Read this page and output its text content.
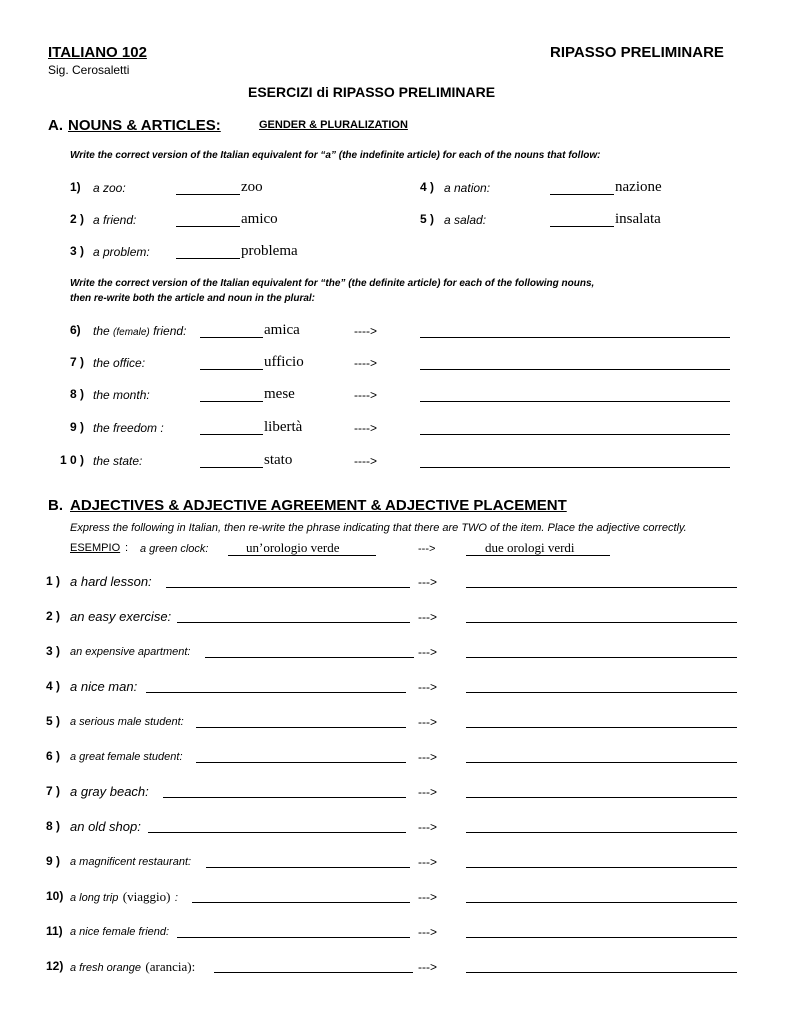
ITALIANO 102
Sig. Cerosaletti
RIPASSO PRELIMINARE
ESERCIZI di RIPASSO PRELIMINARE
A. NOUNS & ARTICLES:	GENDER & PLURALIZATION
Write the correct version of the Italian equivalent for “a” (the indefinite article) for each of the nouns that follow:
1) a zoo:	zoo
2 ) a friend:	amico
3 ) a problem:	problema
4 ) a nation:	nazione
5 ) a salad:	insalata
Write the correct version of the Italian equivalent for “the” (the definite article) for each of the following nouns,
then re-write both the article and noun in the plural:
6) the (female) friend:	amica	---->
7 ) the office:	ufficio	---->
8 ) the month:	mese	---->
9 ) the freedom :	libertà	---->
1 0 ) the state:	stato	---->
B. ADJECTIVES & ADJECTIVE AGREEMENT & ADJECTIVE PLACEMENT
Express the following in Italian, then re-write the phrase indicating that there are TWO of the item. Place the adjective correctly.
ESEMPIO : a green clock:	un’orologio verde	--->	due orologi verdi
1 ) a hard lesson:	--->
2 ) an easy exercise:	--->
3 ) an expensive apartment:	--->
4 ) a nice man:	--->
5 ) a serious male student:	--->
6 ) a great female student:	--->
7 ) a gray beach:	--->
8 ) an old shop:	--->
9 ) a magnificent restaurant:	--->
10) a long trip (viaggio) :	--->
11) a nice female friend:	--->
12) a fresh orange (arancia):	--->
